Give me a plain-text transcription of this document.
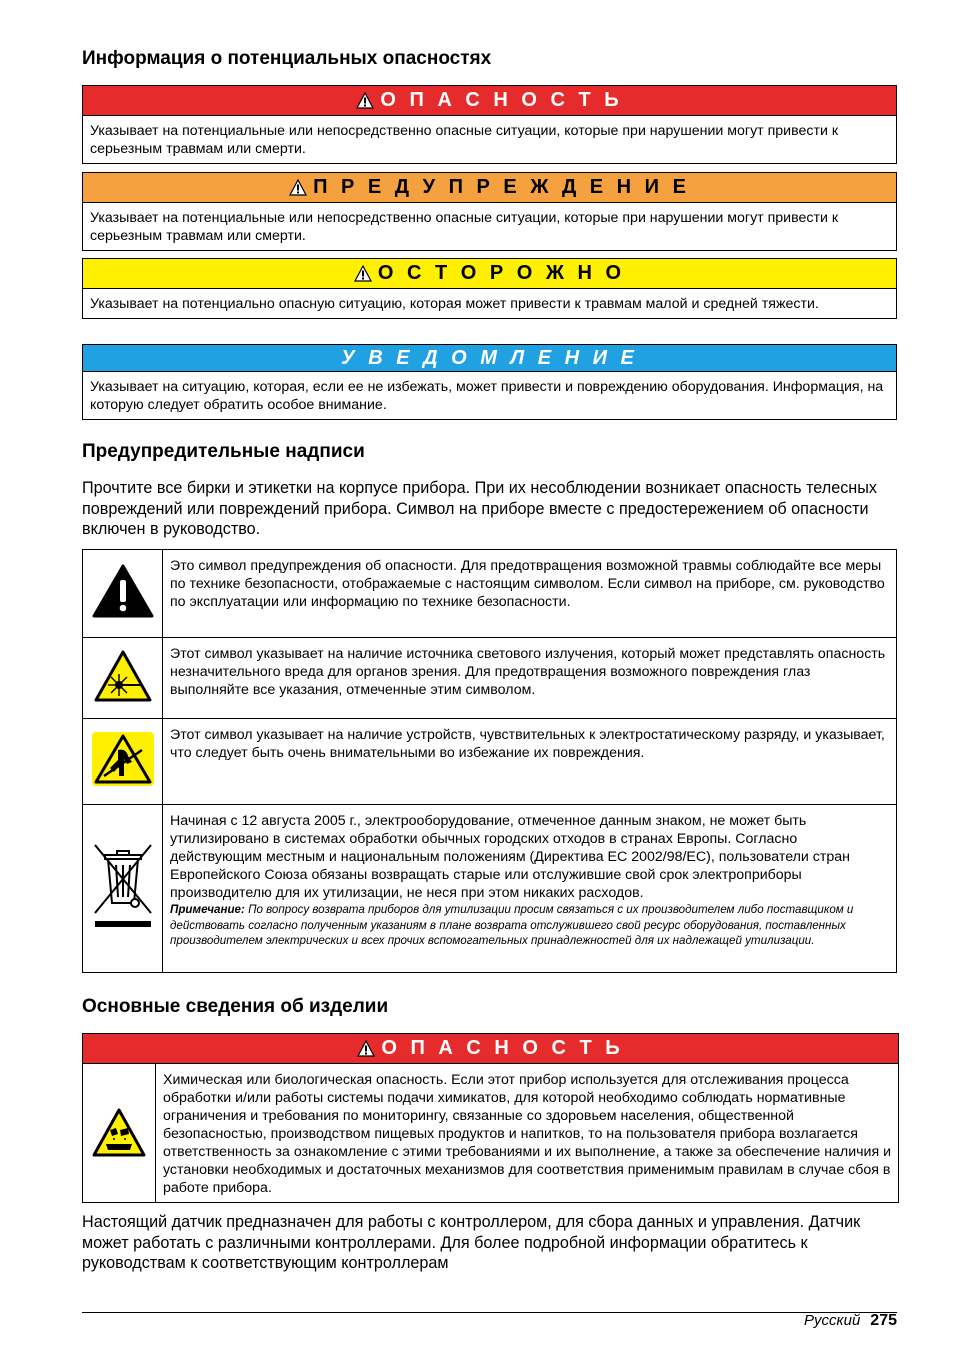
Информация о потенциальных опасностях
О П А С Н О С Т Ь
Указывает на потенциальные или непосредственно опасные ситуации, которые при нарушении могут привести к серьезным травмам или смерти.
П Р Е Д У П Р Е Ж Д Е Н И Е
Указывает на потенциальные или непосредственно опасные ситуации, которые при нарушении могут привести к серьезным травмам или смерти.
О С Т О Р О Ж Н О
Указывает на потенциально опасную ситуацию, которая может привести к травмам малой и средней тяжести.
У В Е Д О М Л Е Н И Е
Указывает на ситуацию, которая, если ее не избежать, может привести и повреждению оборудования. Информация, на которую следует обратить особое внимание.
Предупредительные надписи
Прочтите все бирки и этикетки на корпусе прибора. При их несоблюдении возникает опасность телесных повреждений или повреждений прибора. Символ на приборе вместе с предостережением об опасности включен в руководство.
	Это символ предупреждения об опасности. Для предотвращения возможной травмы соблюдайте все меры по технике безопасности, отображаемые с настоящим символом. Если символ на приборе, см. руководство по эксплуатации или информацию по технике безопасности.
	Этот символ указывает на наличие источника светового излучения, который может представлять опасность незначительного вреда для органов зрения. Для предотвращения возможного повреждения глаз выполняйте все указания, отмеченные этим символом.
	Этот символ указывает на наличие устройств, чувствительных к электростатическому разряду, и указывает, что следует быть очень внимательными во избежание их повреждения.

Начиная с 12 августа 2005 г., электрооборудование, отмеченное данным знаком, не может быть утилизировано в системах обработки обычных городских отходов в странах Европы. Согласно действующим местным и национальным положениям (Директива ЕС 2002/98/EC), пользователи стран Европейского Союза обязаны возвращать старые или отслужившие свой срок электроприборы производителю для их утилизации, не неся при этом никаких расходов.
Примечание: По вопросу возврата приборов для утилизации просим связаться с их производителем либо поставщиком и действовать согласно полученным указаниям в плане возврата отслужившего свой ресурс оборудования, поставленных производителем электрических и всех прочих вспомогательных принадлежностей для их надлежащей утилизации.
Основные сведения об изделии
О П А С Н О С Т Ь
Химическая или биологическая опасность. Если этот прибор используется для отслеживания процесса обработки и/или работы системы подачи химикатов, для которой необходимо соблюдать нормативные ограничения и требования по мониторингу, связанные со здоровьем населения, общественной безопасностью, производством пищевых продуктов и напитков, то на пользователя прибора возлагается ответственность за ознакомление с этими требованиями и их выполнение, а также за обеспечение наличия и установки необходимых и достаточных механизмов для соответствия применимым правилам в случае сбоя в работе прибора.
Настоящий датчик предназначен для работы с контроллером, для сбора данных и управления. Датчик может работать с различными контроллерами. Для более подробной информации обратитесь к руководствам к соответствующим контроллерам
Русский 275
